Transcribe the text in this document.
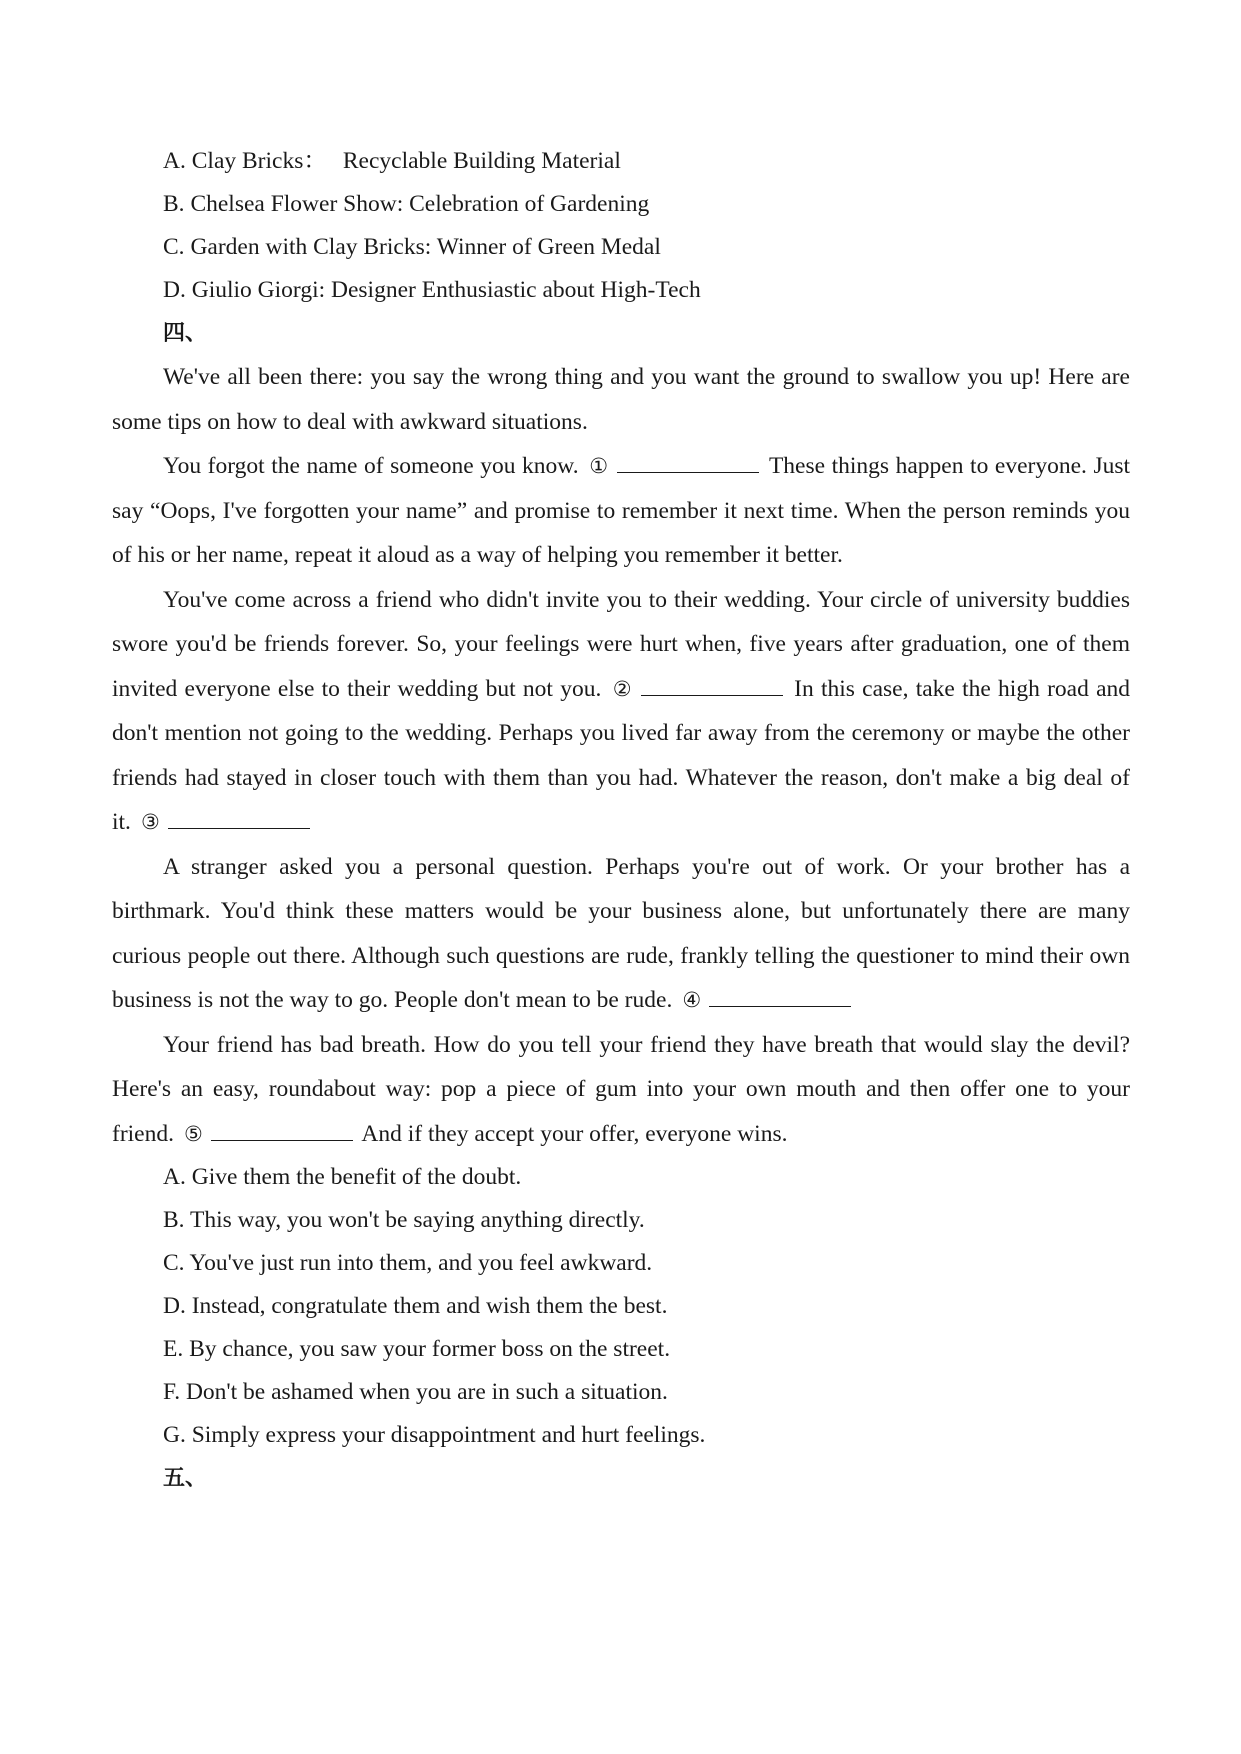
A. Clay Bricks： Recyclable Building Material
B. Chelsea Flower Show: Celebration of Gardening
C. Garden with Clay Bricks: Winner of Green Medal
D. Giulio Giorgi: Designer Enthusiastic about High-Tech
四、

We've all been there: you say the wrong thing and you want the ground to swallow you up! Here are some tips on how to deal with awkward situations.

You forgot the name of someone you know. ①	These things happen to everyone. Just say “Oops, I've forgotten your name” and promise to remember it next time. When the person reminds you of his or her name, repeat it aloud as a way of helping you remember it better.

You've come across a friend who didn't invite you to their wedding. Your circle of university buddies swore you'd be friends forever. So, your feelings were hurt when, five years after graduation, one of them invited everyone else to their wedding but not you. ②	In this case, take the high road and don't mention not going to the wedding. Perhaps you lived far away from the ceremony or maybe the other friends had stayed in closer touch with them than you had. Whatever the reason, don't make a big deal of it. ③

A stranger asked you a personal question. Perhaps you're out of work. Or your brother has a birthmark. You'd think these matters would be your business alone, but unfortunately there are many curious people out there. Although such questions are rude, frankly telling the questioner to mind their own business is not the way to go. People don't mean to be rude. ④

Your friend has bad breath. How do you tell your friend they have breath that would slay the devil? Here's an easy, roundabout way: pop a piece of gum into your own mouth and then offer one to your friend. ⑤	And if they accept your offer, everyone wins.

A. Give them the benefit of the doubt.
B. This way, you won't be saying anything directly.
C. You've just run into them, and you feel awkward.
D. Instead, congratulate them and wish them the best.
E. By chance, you saw your former boss on the street.
F. Don't be ashamed when you are in such a situation.
G. Simply express your disappointment and hurt feelings.
五、
